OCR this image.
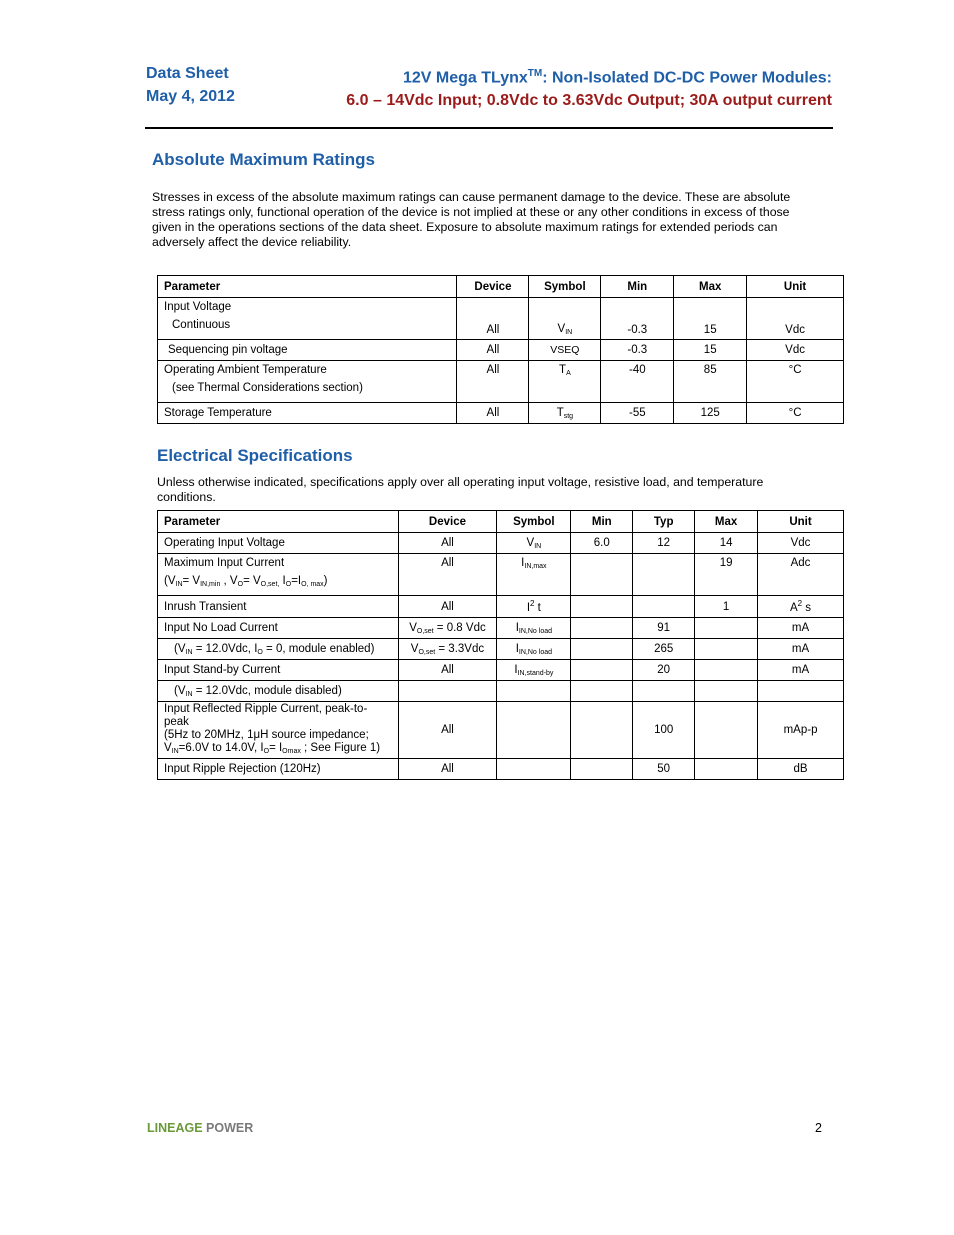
Data Sheet
May 4, 2012
12V Mega TLynx™: Non-Isolated DC-DC Power Modules:
6.0 – 14Vdc Input; 0.8Vdc to 3.63Vdc Output; 30A output current
Absolute Maximum Ratings

Stresses in excess of the absolute maximum ratings can cause permanent damage to the device. These are absolute stress ratings only, functional operation of the device is not implied at these or any other conditions in excess of those given in the operations sections of the data sheet. Exposure to absolute maximum ratings for extended periods can adversely affect the device reliability.

Parameter	Device	Symbol	Min	Max	Unit

Input Voltage
Continuous	All	$V_{IN}$	-0.3	15	Vdc
Sequencing pin voltage	All	VSEQ	-0.3	15	Vdc

Operating Ambient Temperature
(see Thermal Considerations section)	All	$T_A$	-40	85	°C
Storage Temperature	All	$T_{stg}$	-55	125	°C
Electrical Specifications

Unless otherwise indicated, specifications apply over all operating input voltage, resistive load, and temperature conditions.

Parameter	Device	Symbol	Min	Typ	Max	Unit
Operating Input Voltage	All	$V_{IN}$	6.0	12	14	Vdc

Maximum Input Current
($V_{IN}= V_{IN,min}$ , $V_O= V_{O,set,}$ $I_O=I_{O, max}$)	All	$I_{IN,max}$			19	Adc
Inrush Transient	All	$I^2$ t			1	$A^2$ s
Input No Load Current	$V_{O,set} = 0.8$ Vdc	$I_{IN,No load}$		91		mA
($V_{IN} = 12.0Vdc$, $I_O = 0$, module enabled)	$V_{O,set} = 3.3Vdc$	$I_{IN,No load}$		265		mA
Input Stand-by Current	All	$I_{IN,stand-by}$		20		mA
($V_{IN} = 12.0Vdc$, module disabled)						

Input Reflected Ripple Current, peak-to-
peak
(5Hz to 20MHz, 1μH source impedance;
$V_{IN}=6.0V$ to 14.0V, $I_O= I_{Omax}$ ; See Figure 1)	All			100		mAp-p
Input Ripple Rejection (120Hz)	All			50		dB
LINEAGE POWER	2
